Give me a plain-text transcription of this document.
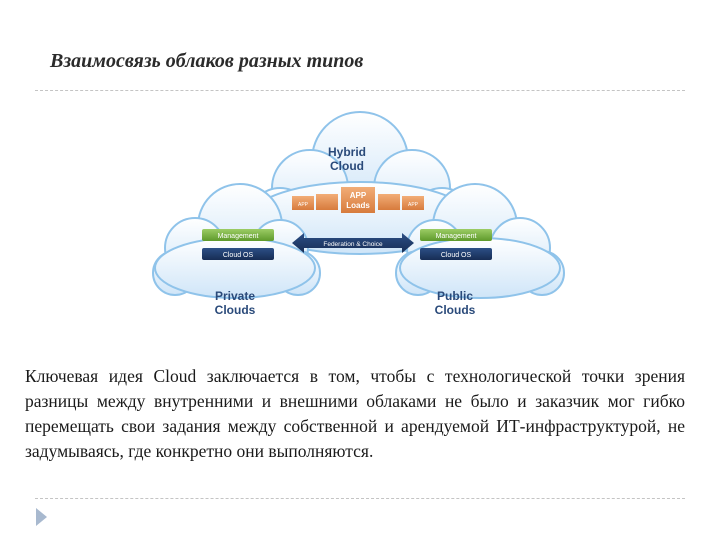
Взаимосвязь облаков разных типов
Hybrid
Cloud
APP
APP
Loads	APP
Management
Cloud OS
Management
Cloud OS
Federation & Choice
Private
Clouds
Public
Clouds
Ключевая идея Cloud заключается в том, чтобы с технологической точки зрения разницы между внутренними и внешними облаками не было и заказчик мог гибко перемещать свои задания между собственной и арендуемой ИТ-инфраструктурой, не задумываясь, где конкретно они выполняются.
